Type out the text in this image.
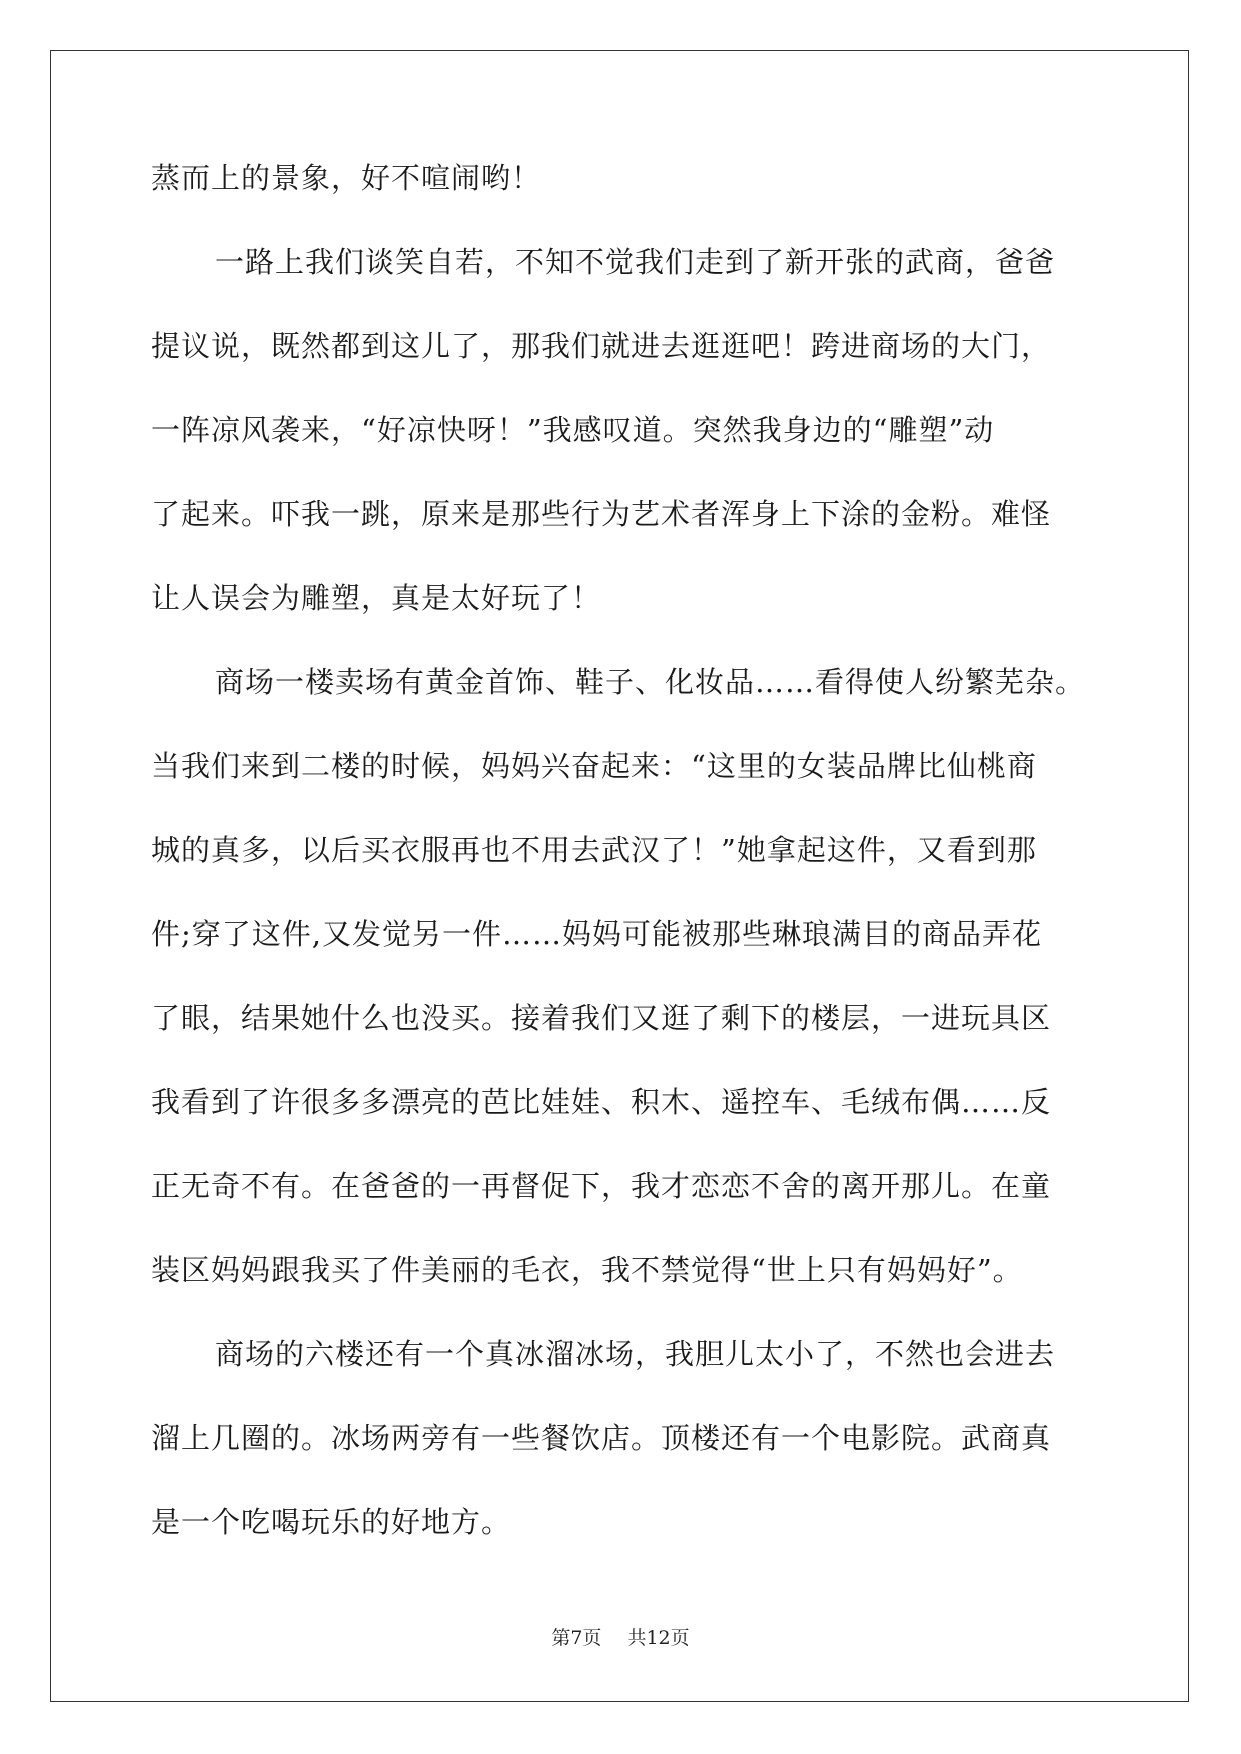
蒸而上的景象，好不喧闹哟！
一路上我们谈笑自若，不知不觉我们走到了新开张的武商，爸爸
提议说，既然都到这儿了，那我们就进去逛逛吧！跨进商场的大门，
一阵凉风袭来，“好凉快呀！”我感叹道。突然我身边的“雕塑”动
了起来。吓我一跳，原来是那些行为艺术者浑身上下涂的金粉。难怪
让人误会为雕塑，真是太好玩了！
商场一楼卖场有黄金首饰、鞋子、化妆品……看得使人纷繁芜杂。
当我们来到二楼的时候，妈妈兴奋起来：“这里的女装品牌比仙桃商
城的真多，以后买衣服再也不用去武汉了！”她拿起这件，又看到那
件;穿了这件,又发觉另一件……妈妈可能被那些琳琅满目的商品弄花
了眼，结果她什么也没买。接着我们又逛了剩下的楼层，一进玩具区
我看到了许很多多漂亮的芭比娃娃、积木、遥控车、毛绒布偶……反
正无奇不有。在爸爸的一再督促下，我才恋恋不舍的离开那儿。在童
装区妈妈跟我买了件美丽的毛衣，我不禁觉得“世上只有妈妈好”。
商场的六楼还有一个真冰溜冰场，我胆儿太小了，不然也会进去
溜上几圈的。冰场两旁有一些餐饮店。顶楼还有一个电影院。武商真
是一个吃喝玩乐的好地方。
第7页 共12页
